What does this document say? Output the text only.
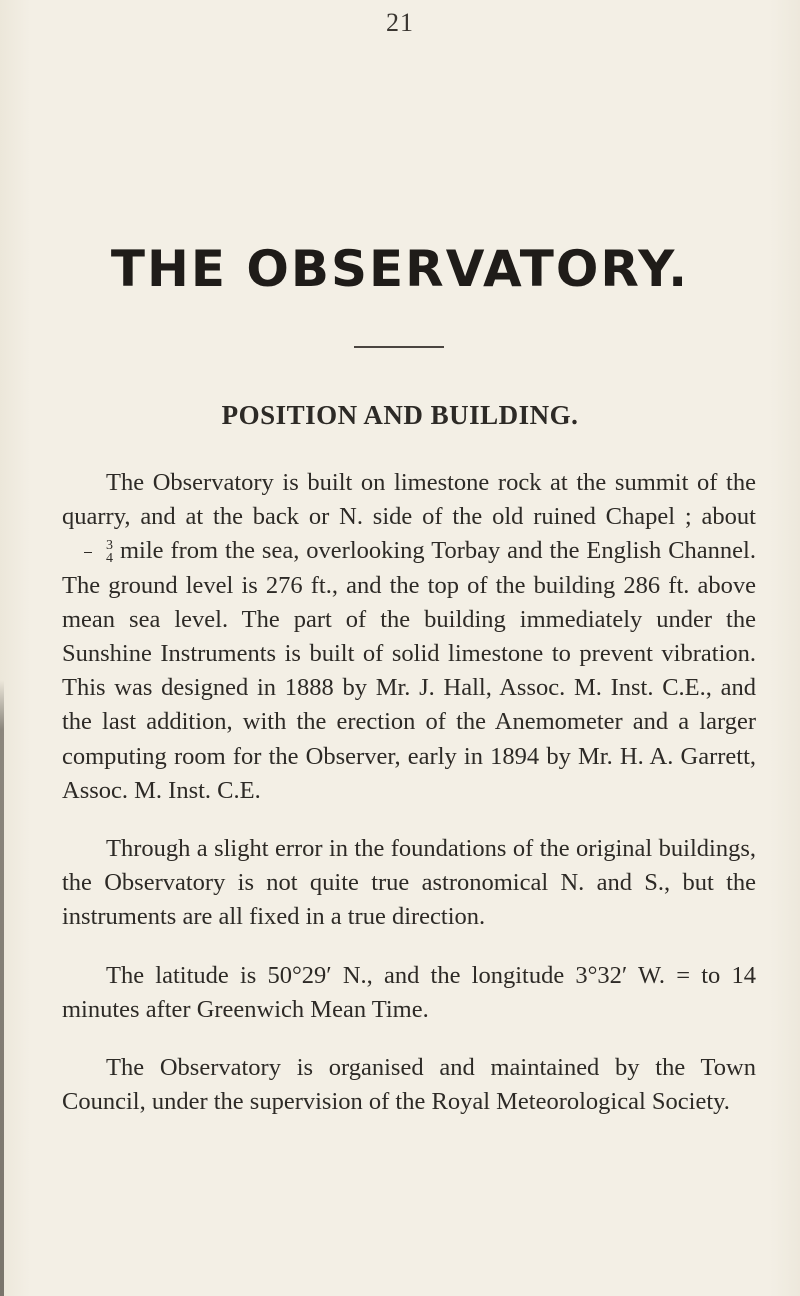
21
THE OBSERVATORY.
POSITION AND BUILDING.

The Observatory is built on limestone rock at the summit of the quarry, and at the back or N. side of the old ruined Chapel ; about
$\frac{3}{4}$ mile from the sea, overlooking Torbay and the English Channel. The ground level is 276 ft., and the top of the building 286 ft. above mean sea level. The part of the building immediately under the Sunshine Instruments is built of solid limestone to prevent vibration. This was designed in 1888 by Mr. J. Hall, Assoc. M. Inst. C.E., and the last addition, with the erection of the Anemometer and a larger computing room for the Observer, early in 1894 by Mr. H. A. Garrett, Assoc. M. Inst. C.E.

Through a slight error in the foundations of the original buildings, the Observatory is not quite true astronomical N. and S., but the instruments are all fixed in a true direction.

The latitude is 50°29′ N., and the longitude 3°32′ W. = to 14 minutes after Greenwich Mean Time.

The Observatory is organised and maintained by the Town Council, under the supervision of the Royal Meteorological Society.
